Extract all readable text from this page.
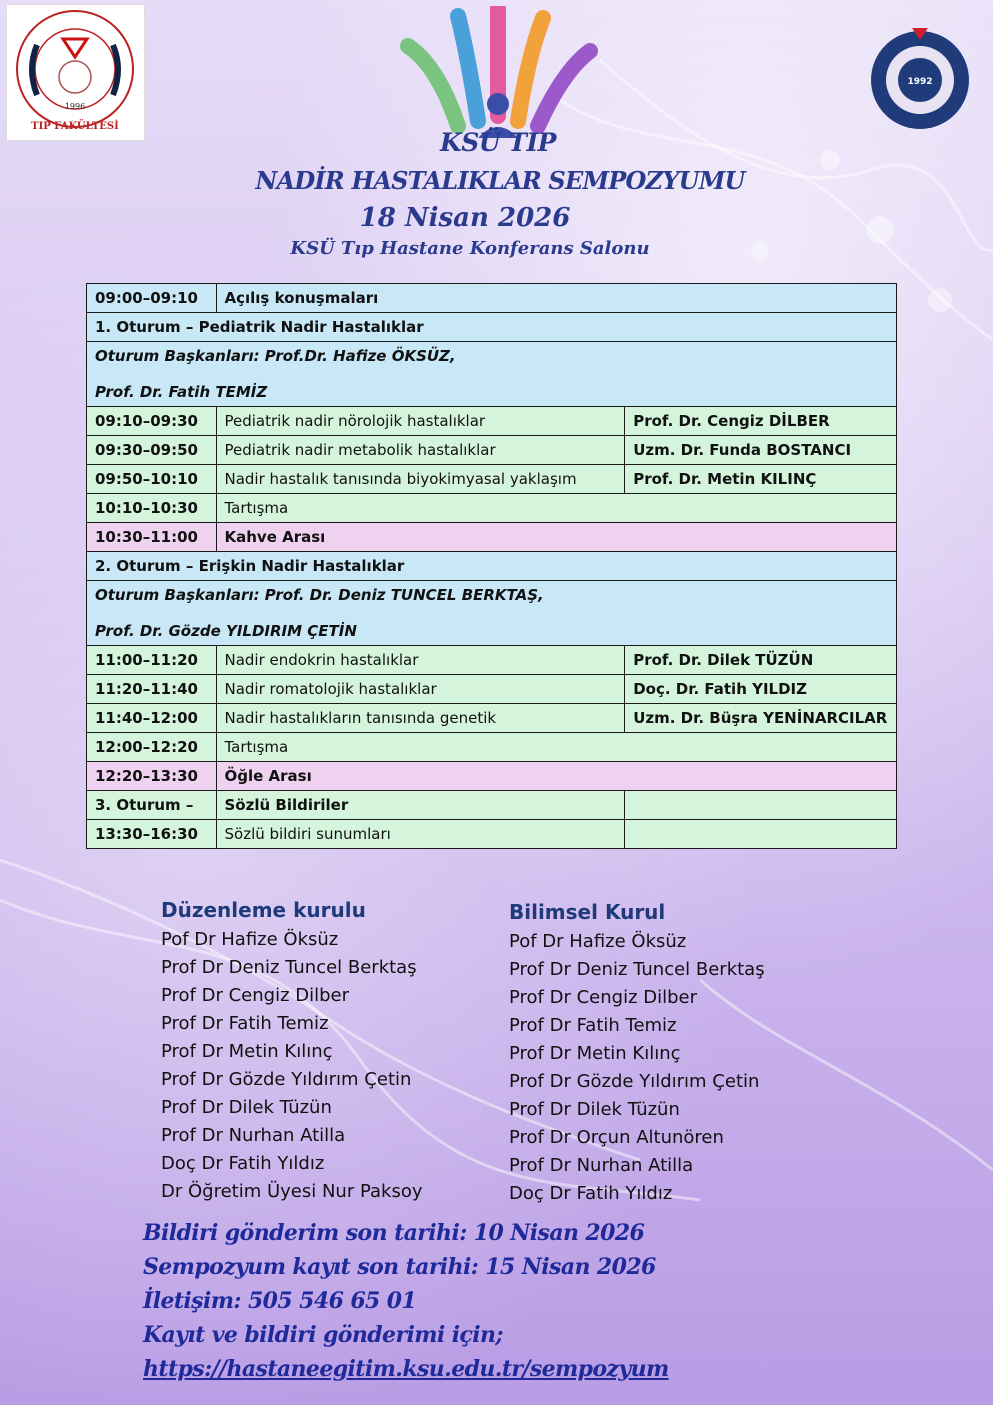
1996
TIP FAKÜLTESİ
1992
KSÜ TIP
NADİR HASTALIKLAR SEMPOZYUMU
18 Nisan 2026
KSÜ Tıp Hastane Konferans Salonu
09:00–09:10	Açılış konuşmaları	
1. Oturum – Pediatrik Nadir Hastalıklar		

Oturum Başkanları: Prof.Dr. Hafize ÖKSÜZ,
Prof. Dr. Fatih TEMİZ		

09:10–09:30	Pediatrik nadir nörolojik hastalıklar	Prof. Dr. Cengiz DİLBER
09:30–09:50	Pediatrik nadir metabolik hastalıklar	Uzm. Dr. Funda BOSTANCI
09:50–10:10	Nadir hastalık tanısında biyokimyasal yaklaşım	Prof. Dr. Metin KILINÇ
10:10–10:30	Tartışma	
10:30–11:00	Kahve Arası	
2. Oturum – Erişkin Nadir Hastalıklar		

Oturum Başkanları: Prof. Dr. Deniz TUNCEL BERKTAŞ,
Prof. Dr. Gözde YILDIRIM ÇETİN		

11:00–11:20	Nadir endokrin hastalıklar	Prof. Dr. Dilek TÜZÜN
11:20–11:40	Nadir romatolojik hastalıklar	Doç. Dr. Fatih YILDIZ
11:40–12:00	Nadir hastalıkların tanısında genetik	Uzm. Dr. Büşra YENİNARCILAR
12:00–12:20	Tartışma	
12:20–13:30	Öğle Arası	
3. Oturum –	Sözlü Bildiriler	
13:30–16:30	Sözlü bildiri sunumları	
Düzenleme kurulu
Pof Dr Hafize Öksüz
Prof Dr Deniz Tuncel Berktaş
Prof Dr Cengiz Dilber
Prof Dr Fatih Temiz
Prof Dr Metin Kılınç
Prof Dr Gözde Yıldırım Çetin
Prof Dr Dilek Tüzün
Prof Dr Nurhan Atilla
Doç Dr Fatih Yıldız
Dr Öğretim Üyesi Nur Paksoy
Bilimsel Kurul
Pof Dr Hafize Öksüz
Prof Dr Deniz Tuncel Berktaş
Prof Dr Cengiz Dilber
Prof Dr Fatih Temiz
Prof Dr Metin Kılınç
Prof Dr Gözde Yıldırım Çetin
Prof Dr Dilek Tüzün
Prof Dr Orçun Altunören
Prof Dr Nurhan Atilla
Doç Dr Fatih Yıldız
Bildiri gönderim son tarihi: 10 Nisan 2026
Sempozyum kayıt son tarihi: 15 Nisan 2026
İletişim: 505 546 65 01
Kayıt ve bildiri gönderimi için;
https://hastaneegitim.ksu.edu.tr/sempozyum
